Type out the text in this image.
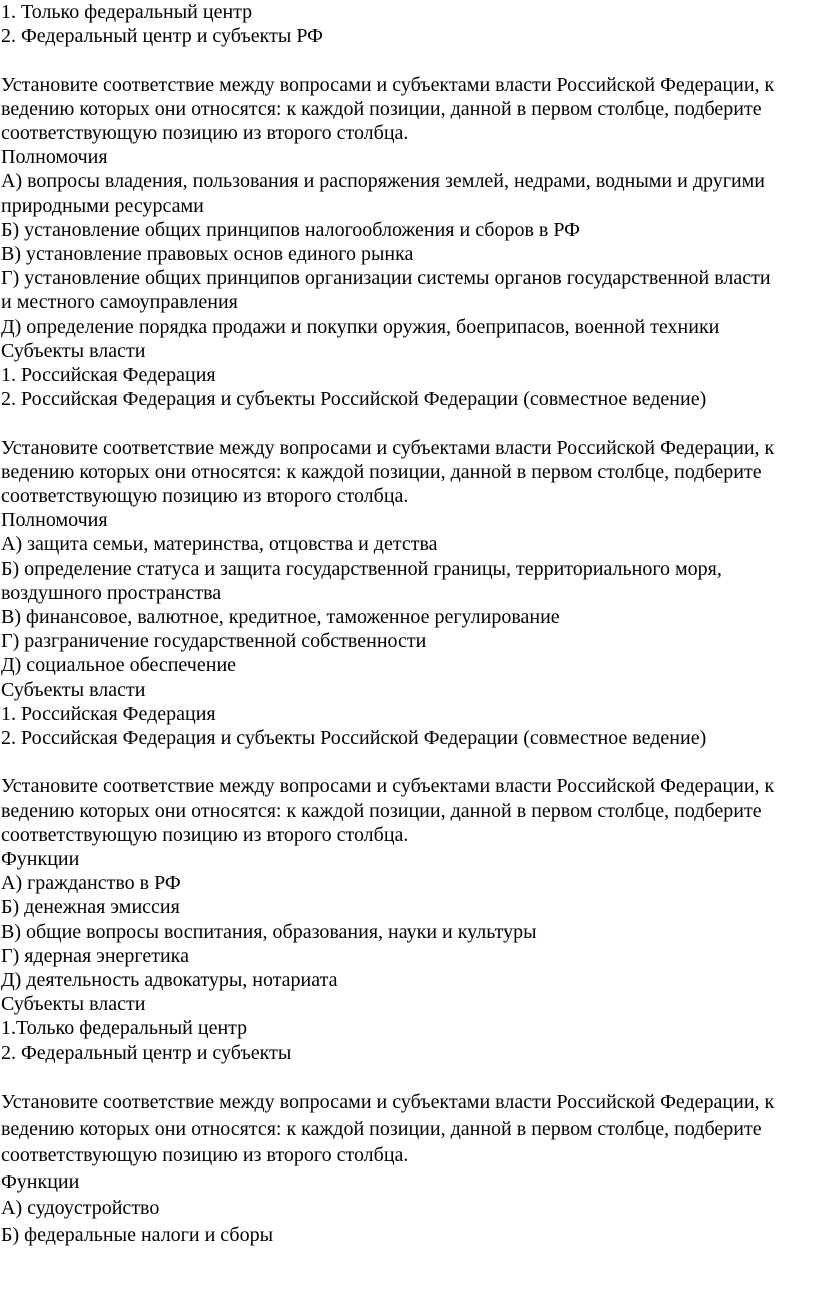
1. Только федеральный центр
2. Федеральный центр и субъекты РФ
Установите соответствие между вопросами и субъектами власти Российской Федерации, к
ведению которых они относятся: к каждой позиции, данной в первом столбце, подберите
соответствующую позицию из второго столбца.
Полномочия
А) вопросы владения, пользования и распоряжения землей, недрами, водными и другими
природными ресурсами
Б) установление общих принципов налогообложения и сборов в РФ
В) установление правовых основ единого рынка
Г) установление общих принципов организации системы органов государственной власти
и местного самоуправления
Д) определение порядка продажи и покупки оружия, боеприпасов, военной техники
Субъекты власти
1. Российская Федерация
2. Российская Федерация и субъекты Российской Федерации (совместное ведение)
Установите соответствие между вопросами и субъектами власти Российской Федерации, к
ведению которых они относятся: к каждой позиции, данной в первом столбце, подберите
соответствующую позицию из второго столбца.
Полномочия
А) защита семьи, материнства, отцовства и детства
Б) определение статуса и защита государственной границы, территориального моря,
воздушного пространства
В) финансовое, валютное, кредитное, таможенное регулирование
Г) разграничение государственной собственности
Д) социальное обеспечение
Субъекты власти
1. Российская Федерация
2. Российская Федерация и субъекты Российской Федерации (совместное ведение)
Установите соответствие между вопросами и субъектами власти Российской Федерации, к
ведению которых они относятся: к каждой позиции, данной в первом столбце, подберите
соответствующую позицию из второго столбца.
Функции
А) гражданство в РФ
Б) денежная эмиссия
В) общие вопросы воспитания, образования, науки и культуры
Г) ядерная энергетика
Д) деятельность адвокатуры, нотариата
Субъекты власти
1.Только федеральный центр
2. Федеральный центр и субъекты
Установите соответствие между вопросами и субъектами власти Российской Федерации, к
ведению которых они относятся: к каждой позиции, данной в первом столбце, подберите
соответствующую позицию из второго столбца.
Функции
А) судоустройство
Б) федеральные налоги и сборы
